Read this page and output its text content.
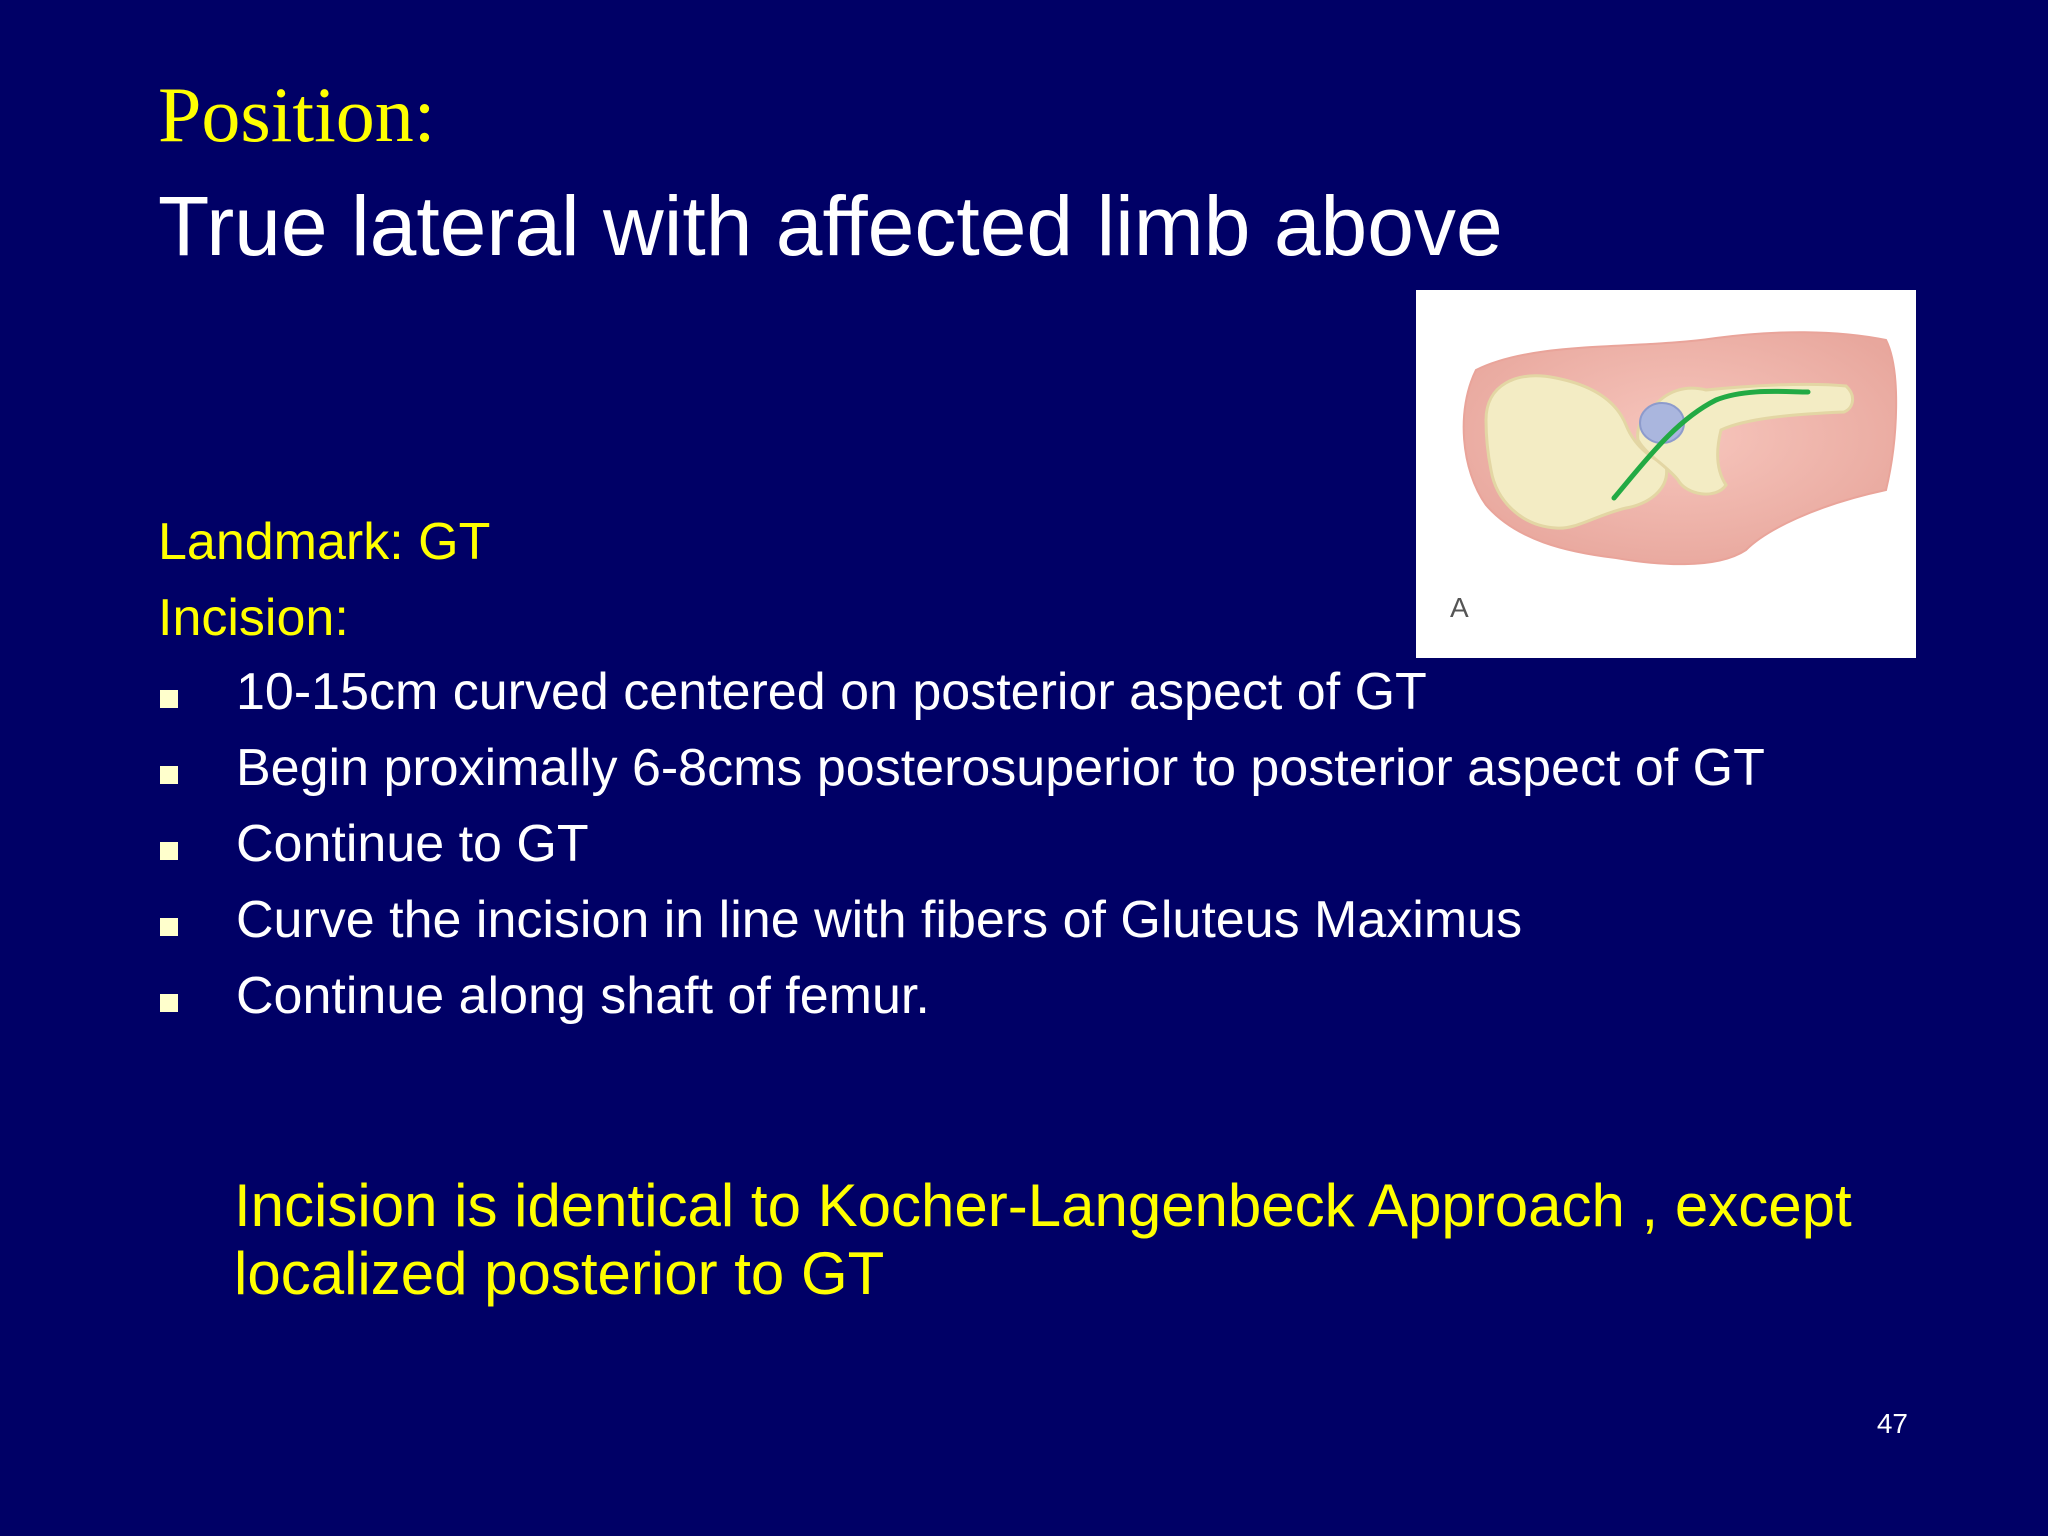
Position:
True lateral with affected limb above
A
Landmark: GT
Incision:
10-15cm curved centered on posterior aspect of GT
Begin proximally 6-8cms posterosuperior to posterior aspect of GT
Continue to GT
Curve the incision in line with fibers of Gluteus Maximus
Continue along shaft of femur.
Incision is identical to Kocher-Langenbeck Approach , except localized posterior to GT
47
